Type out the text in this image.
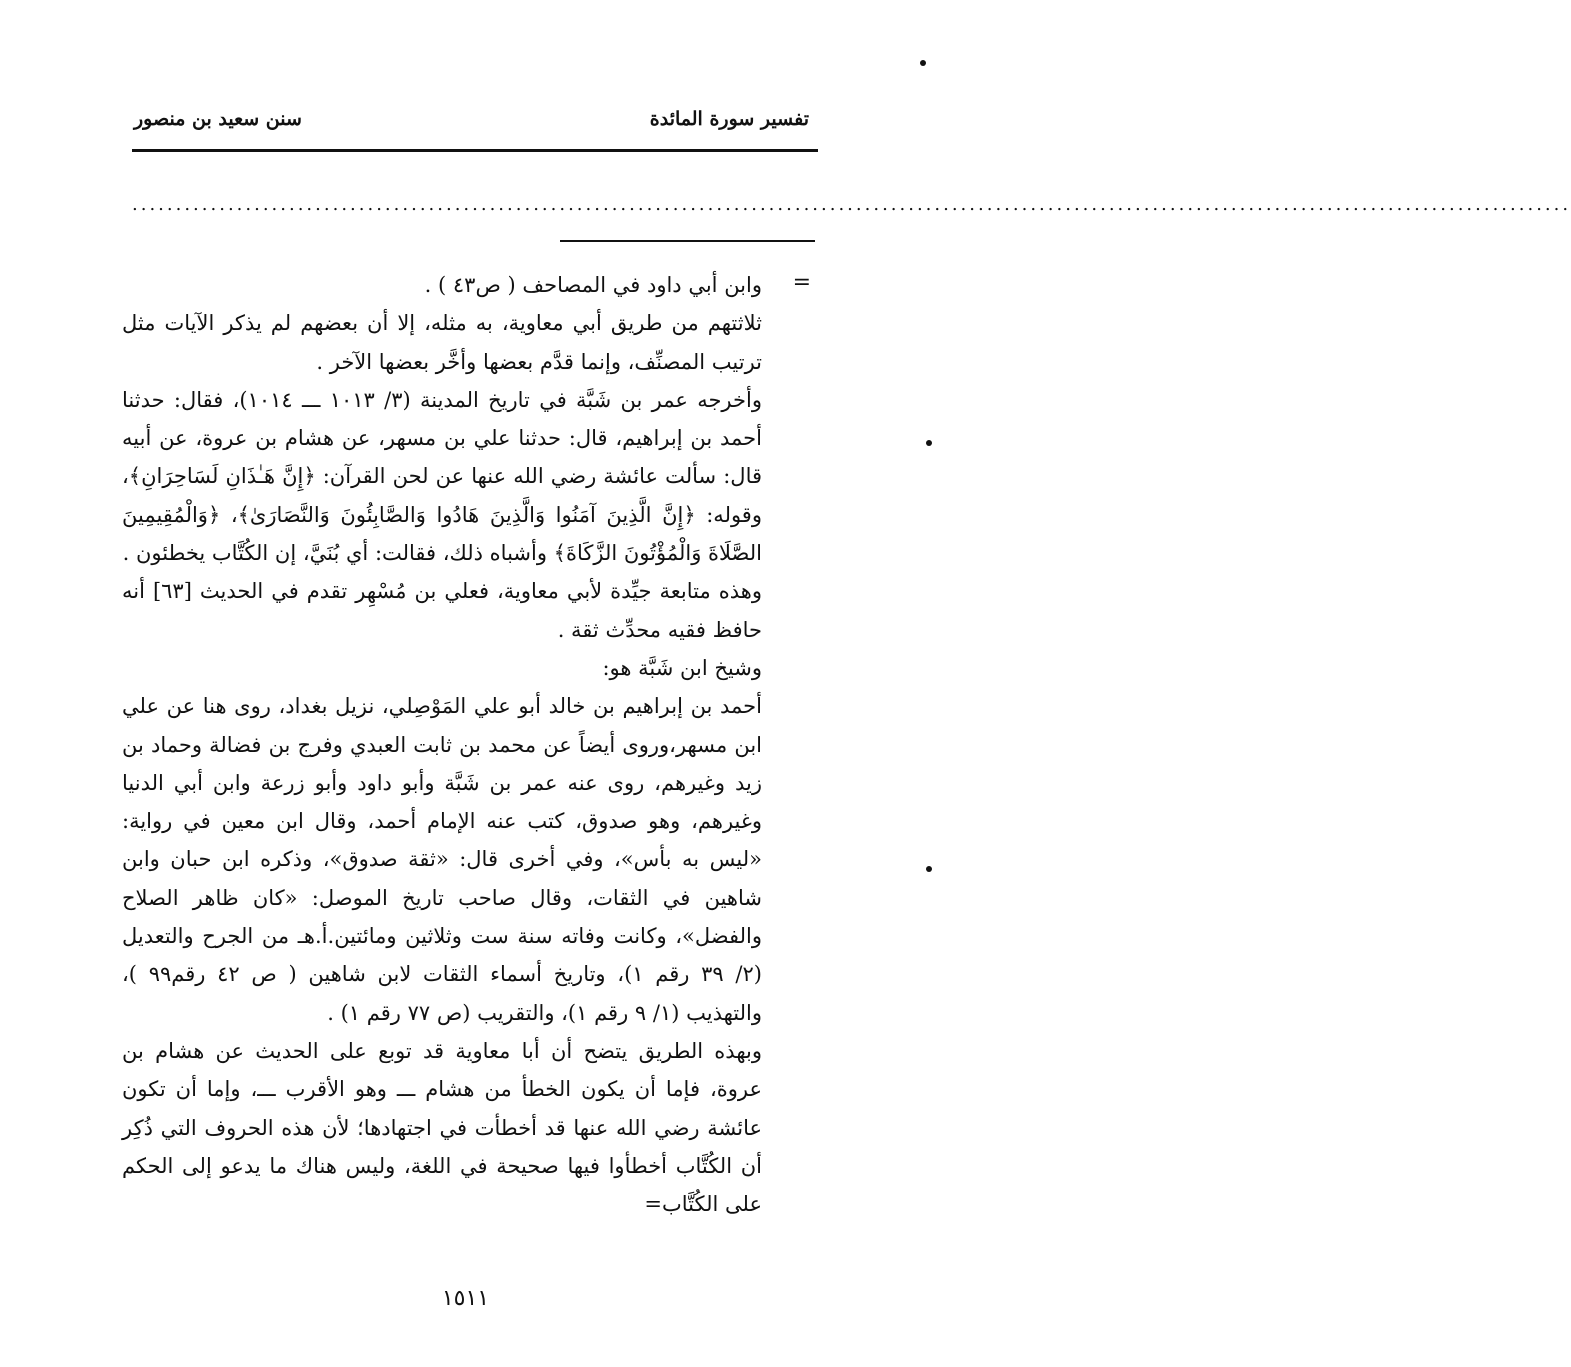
تفسير سورة المائدة
سنن سعيد بن منصور
.....................................................................................................................................................................
=

وابن أبي داود في المصاحف ( ص٤٣ ) .

ثلاثتهم من طريق أبي معاوية، به مثله، إلا أن بعضهم لم يذكر الآيات مثل ترتيب المصنِّف، وإنما قدَّم بعضها وأخَّر بعضها الآخر .

وأخرجه عمر بن شَبَّة في تاريخ المدينة (٣/ ١٠١٣ ـــ ١٠١٤)، فقال: حدثنا أحمد بن إبراهيم، قال: حدثنا علي بن مسهر، عن هشام بن عروة، عن أبيه قال: سألت عائشة رضي الله عنها عن لحن القرآن: ﴿إِنَّ هَـٰذَانِ لَسَاحِرَانِ﴾، وقوله: ﴿إِنَّ الَّذِينَ آمَنُوا وَالَّذِينَ هَادُوا وَالصَّابِئُونَ وَالنَّصَارَىٰ﴾، ﴿وَالْمُقِيمِينَ الصَّلَاةَ وَالْمُؤْتُونَ الزَّكَاةَ﴾ وأشباه ذلك، فقالت: أي بُنَيَّ، إن الكُتَّاب يخطئون .

وهذه متابعة جيِّدة لأبي معاوية، فعلي بن مُسْهِر تقدم في الحديث [٦٣] أنه حافظ فقيه محدِّث ثقة .

وشيخ ابن شَبَّة هو:

أحمد بن إبراهيم بن خالد أبو علي المَوْصِلي، نزيل بغداد، روى هنا عن علي ابن مسهر،وروى أيضاً عن محمد بن ثابت العبدي وفرج بن فضالة وحماد بن زيد وغيرهم، روى عنه عمر بن شَبَّة وأبو داود وأبو زرعة وابن أبي الدنيا وغيرهم، وهو صدوق، كتب عنه الإمام أحمد، وقال ابن معين في رواية: «ليس به بأس»، وفي أخرى قال: «ثقة صدوق»، وذكره ابن حبان وابن شاهين في الثقات، وقال صاحب تاريخ الموصل: «كان ظاهر الصلاح والفضل»، وكانت وفاته سنة ست وثلاثين ومائتين.أ.هـ من الجرح والتعديل (٢/ ٣٩ رقم ١)، وتاريخ أسماء الثقات لابن شاهين ( ص ٤٢ رقم٩٩ )، والتهذيب (١/ ٩ رقم ١)، والتقريب (ص ٧٧ رقم ١) .

وبهذه الطريق يتضح أن أبا معاوية قد توبع على الحديث عن هشام بن عروة، فإما أن يكون الخطأ من هشام ـــ وهو الأقرب ـــ، وإما أن تكون عائشة رضي الله عنها قد أخطأت في اجتهادها؛ لأن هذه الحروف التي ذُكِر أن الكُتَّاب أخطأوا فيها صحيحة في اللغة، وليس هناك ما يدعو إلى الحكم على الكُتَّاب=

١٥١١
